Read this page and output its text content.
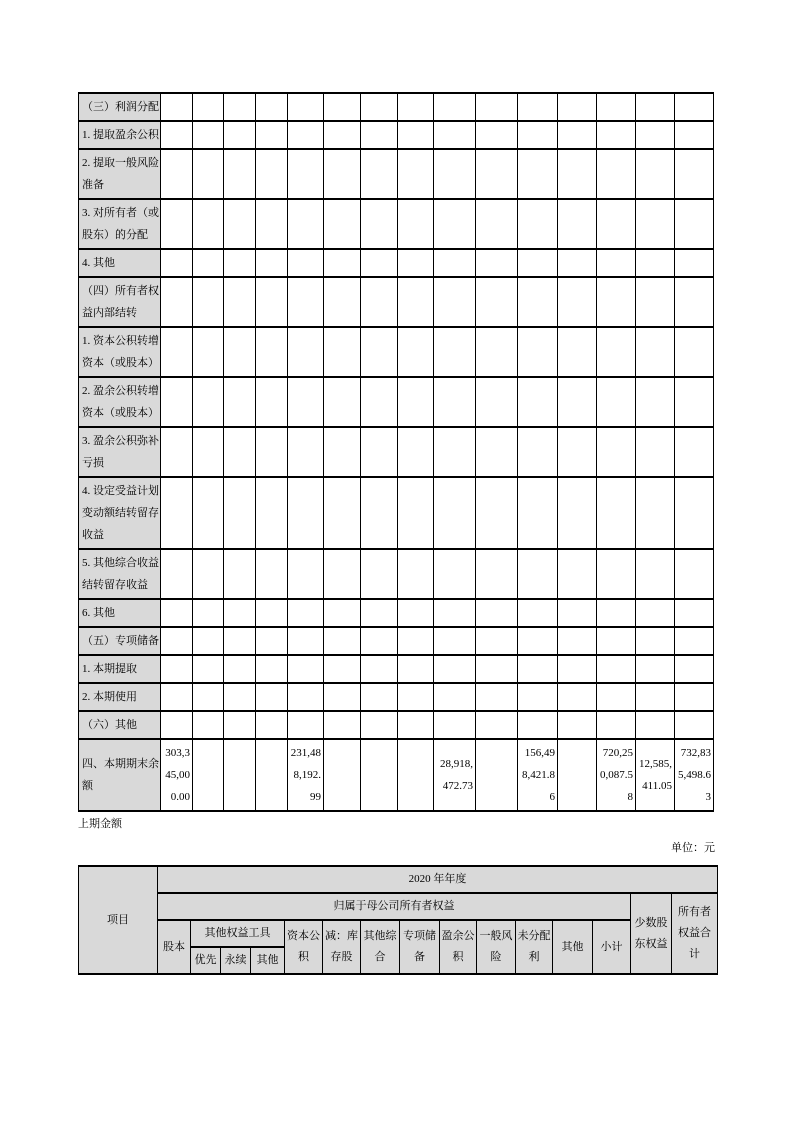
（三）利润分配															
1. 提取盈余公积															
2. 提取一般风险准备															
3. 对所有者（或股东）的分配															
4. 其他															
（四）所有者权益内部结转															
1. 资本公积转增资本（或股本）															
2. 盈余公积转增资本（或股本）															
3. 盈余公积弥补亏损															
4. 设定受益计划变动额结转留存收益															
5. 其他综合收益结转留存收益															
6. 其他															
（五）专项储备															
1. 本期提取															
2. 本期使用															
（六）其他															
四、本期期末余额	303,345,000.00				231,488,192.99				28,918,472.73		156,498,421.86		720,250,087.58	12,585,411.05	732,835,498.63
上期金额
单位：元
项目	2020 年年度														
	归属于母公司所有者权益													少数股东权益	所有者权益合计
	股本	其他权益工具			资本公积	减：库存股	其他综合	专项储备	盈余公积	一般风险	未分配利	其他	小计		
		优先	永续	其他											
